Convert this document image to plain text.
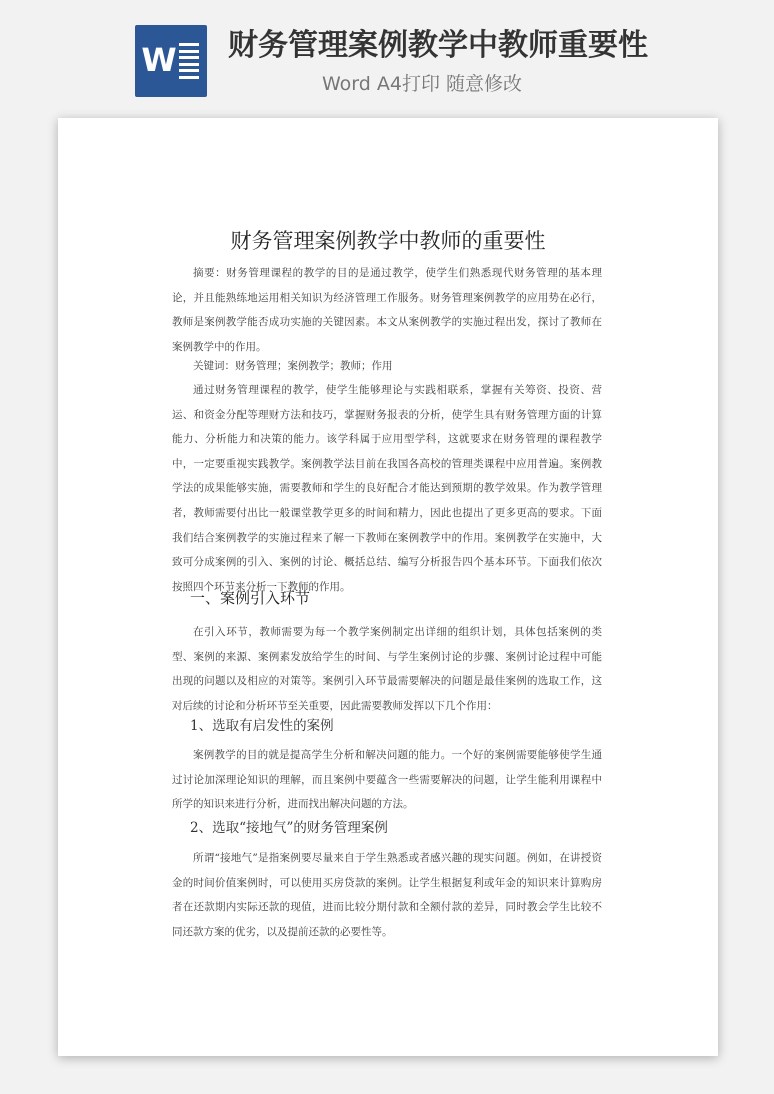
W 财务管理案例教学中教师重要性
Word A4打印 随意修改
财务管理案例教学中教师的重要性

摘要：财务管理课程的教学的目的是通过教学，使学生们熟悉现代财务管理的基本理论，并且能熟练地运用相关知识为经济管理工作服务。财务管理案例教学的应用势在必行，教师是案例教学能否成功实施的关键因素。本文从案例教学的实施过程出发，探讨了教师在案例教学中的作用。

关键词：财务管理；案例教学；教师；作用

通过财务管理课程的教学，使学生能够理论与实践相联系，掌握有关筹资、投资、营运、和资金分配等理财方法和技巧，掌握财务报表的分析，使学生具有财务管理方面的计算能力、分析能力和决策的能力。该学科属于应用型学科，这就要求在财务管理的课程教学中，一定要重视实践教学。案例教学法目前在我国各高校的管理类课程中应用普遍。案例教学法的成果能够实施，需要教师和学生的良好配合才能达到预期的教学效果。作为教学管理者，教师需要付出比一般课堂教学更多的时间和精力，因此也提出了更多更高的要求。下面我们结合案例教学的实施过程来了解一下教师在案例教学中的作用。案例教学在实施中，大致可分成案例的引入、案例的讨论、概括总结、编写分析报告四个基本环节。下面我们依次按照四个环节来分析一下教师的作用。

一、案例引入环节

在引入环节，教师需要为每一个教学案例制定出详细的组织计划，具体包括案例的类型、案例的来源、案例素发放给学生的时间、与学生案例讨论的步骤、案例讨论过程中可能出现的问题以及相应的对策等。案例引入环节最需要解决的问题是最佳案例的选取工作，这对后续的讨论和分析环节至关重要，因此需要教师发挥以下几个作用：

1、选取有启发性的案例

案例教学的目的就是提高学生分析和解决问题的能力。一个好的案例需要能够使学生通过讨论加深理论知识的理解，而且案例中要蕴含一些需要解决的问题，让学生能利用课程中所学的知识来进行分析，进而找出解决问题的方法。

2、选取“接地气”的财务管理案例

所谓“接地气”是指案例要尽量来自于学生熟悉或者感兴趣的现实问题。例如，在讲授资金的时间价值案例时，可以使用买房贷款的案例。让学生根据复利或年金的知识来计算购房者在还款期内实际还款的现值，进而比较分期付款和全额付款的差异，同时教会学生比较不同还款方案的优劣，以及提前还款的必要性等。
